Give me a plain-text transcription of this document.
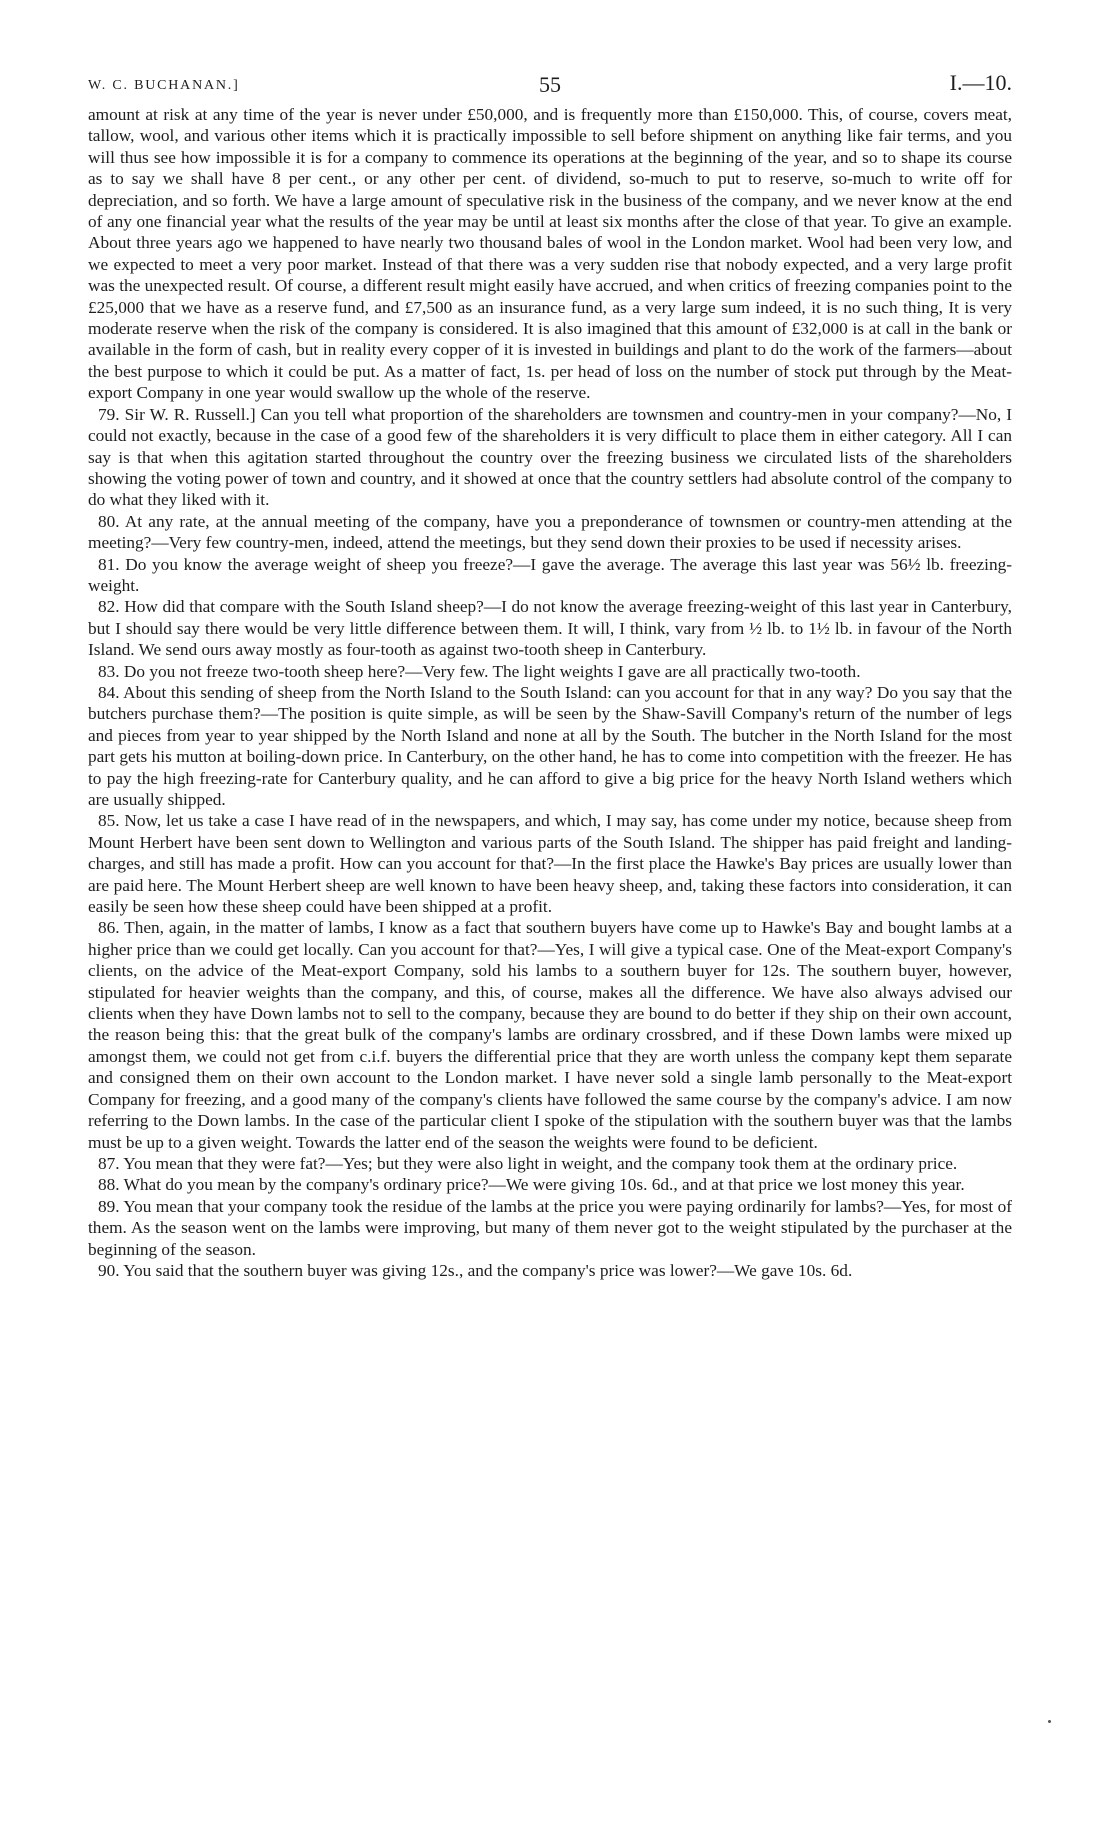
W. C. BUCHANAN.]	55	I.—10.

amount at risk at any time of the year is never under £50,000, and is frequently more than £150,000. This, of course, covers meat, tallow, wool, and various other items which it is practically impossible to sell before shipment on anything like fair terms, and you will thus see how impossible it is for a company to commence its operations at the beginning of the year, and so to shape its course as to say we shall have 8 per cent., or any other per cent. of dividend, so-much to put to reserve, so-much to write off for depreciation, and so forth. We have a large amount of speculative risk in the business of the company, and we never know at the end of any one financial year what the results of the year may be until at least six months after the close of that year. To give an example. About three years ago we happened to have nearly two thousand bales of wool in the London market. Wool had been very low, and we expected to meet a very poor market. Instead of that there was a very sudden rise that nobody expected, and a very large profit was the unexpected result. Of course, a different result might easily have accrued, and when critics of freezing companies point to the £25,000 that we have as a reserve fund, and £7,500 as an insurance fund, as a very large sum indeed, it is no such thing, It is very moderate reserve when the risk of the company is considered. It is also imagined that this amount of £32,000 is at call in the bank or available in the form of cash, but in reality every copper of it is invested in buildings and plant to do the work of the farmers—about the best purpose to which it could be put. As a matter of fact, 1s. per head of loss on the number of stock put through by the Meat-export Company in one year would swallow up the whole of the reserve.

79. Sir W. R. Russell.] Can you tell what proportion of the shareholders are townsmen and country-men in your company?—No, I could not exactly, because in the case of a good few of the shareholders it is very difficult to place them in either category. All I can say is that when this agitation started throughout the country over the freezing business we circulated lists of the shareholders showing the voting power of town and country, and it showed at once that the country settlers had absolute control of the company to do what they liked with it.

80. At any rate, at the annual meeting of the company, have you a preponderance of townsmen or country-men attending at the meeting?—Very few country-men, indeed, attend the meetings, but they send down their proxies to be used if necessity arises.

81. Do you know the average weight of sheep you freeze?—I gave the average. The average this last year was 56½ lb. freezing-weight.

82. How did that compare with the South Island sheep?—I do not know the average freezing-weight of this last year in Canterbury, but I should say there would be very little difference between them. It will, I think, vary from ½ lb. to 1½ lb. in favour of the North Island. We send ours away mostly as four-tooth as against two-tooth sheep in Canterbury.

83. Do you not freeze two-tooth sheep here?—Very few. The light weights I gave are all practically two-tooth.

84. About this sending of sheep from the North Island to the South Island: can you account for that in any way? Do you say that the butchers purchase them?—The position is quite simple, as will be seen by the Shaw-Savill Company's return of the number of legs and pieces from year to year shipped by the North Island and none at all by the South. The butcher in the North Island for the most part gets his mutton at boiling-down price. In Canterbury, on the other hand, he has to come into competition with the freezer. He has to pay the high freezing-rate for Canterbury quality, and he can afford to give a big price for the heavy North Island wethers which are usually shipped.

85. Now, let us take a case I have read of in the newspapers, and which, I may say, has come under my notice, because sheep from Mount Herbert have been sent down to Wellington and various parts of the South Island. The shipper has paid freight and landing-charges, and still has made a profit. How can you account for that?—In the first place the Hawke's Bay prices are usually lower than are paid here. The Mount Herbert sheep are well known to have been heavy sheep, and, taking these factors into consideration, it can easily be seen how these sheep could have been shipped at a profit.

86. Then, again, in the matter of lambs, I know as a fact that southern buyers have come up to Hawke's Bay and bought lambs at a higher price than we could get locally. Can you account for that?—Yes, I will give a typical case. One of the Meat-export Company's clients, on the advice of the Meat-export Company, sold his lambs to a southern buyer for 12s. The southern buyer, however, stipulated for heavier weights than the company, and this, of course, makes all the difference. We have also always advised our clients when they have Down lambs not to sell to the company, because they are bound to do better if they ship on their own account, the reason being this: that the great bulk of the company's lambs are ordinary crossbred, and if these Down lambs were mixed up amongst them, we could not get from c.i.f. buyers the differential price that they are worth unless the company kept them separate and consigned them on their own account to the London market. I have never sold a single lamb personally to the Meat-export Company for freezing, and a good many of the company's clients have followed the same course by the company's advice. I am now referring to the Down lambs. In the case of the particular client I spoke of the stipulation with the southern buyer was that the lambs must be up to a given weight. Towards the latter end of the season the weights were found to be deficient.

87. You mean that they were fat?—Yes; but they were also light in weight, and the company took them at the ordinary price.

88. What do you mean by the company's ordinary price?—We were giving 10s. 6d., and at that price we lost money this year.

89. You mean that your company took the residue of the lambs at the price you were paying ordinarily for lambs?—Yes, for most of them. As the season went on the lambs were improving, but many of them never got to the weight stipulated by the purchaser at the beginning of the season.

90. You said that the southern buyer was giving 12s., and the company's price was lower?—We gave 10s. 6d.
